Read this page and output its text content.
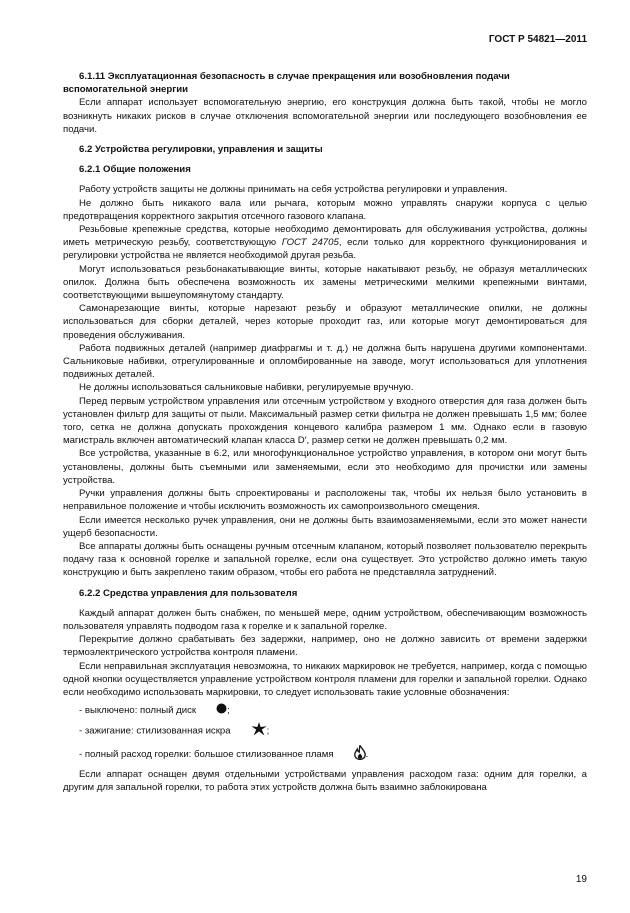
ГОСТ Р 54821—2011

6.1.11 Эксплуатационная безопасность в случае прекращения или возобновления подачи вспомогательной энергии

Если аппарат использует вспомогательную энергию, его конструкция должна быть такой, чтобы не могло возникнуть никаких рисков в случае отключения вспомогательной энергии или последующего возобновления ее подачи.

6.2 Устройства регулировки, управления и защиты

6.2.1 Общие положения

Работу устройств защиты не должны принимать на себя устройства регулировки и управления.

Не должно быть никакого вала или рычага, которым можно управлять снаружи корпуса с целью предотвращения корректного закрытия отсечного газового клапана.

Резьбовые крепежные средства, которые необходимо демонтировать для обслуживания устройства, должны иметь метрическую резьбу, соответствующую ГОСТ 24705, если только для корректного функционирования и регулировки устройства не является необходимой другая резьба.

Могут использоваться резьбонакатывающие винты, которые накатывают резьбу, не образуя металлических опилок. Должна быть обеспечена возможность их замены метрическими мелкими крепежными винтами, соответствующими вышеупомянутому стандарту.

Самонарезающие винты, которые нарезают резьбу и образуют металлические опилки, не должны использоваться для сборки деталей, через которые проходит газ, или которые могут демонтироваться для проведения обслуживания.

Работа подвижных деталей (например диафрагмы и т. д.) не должна быть нарушена другими компонентами. Сальниковые набивки, отрегулированные и опломбированные на заводе, могут использоваться для уплотнения подвижных деталей.

Не должны использоваться сальниковые набивки, регулируемые вручную.

Перед первым устройством управления или отсечным устройством у входного отверстия для газа должен быть установлен фильтр для защиты от пыли. Максимальный размер сетки фильтра не должен превышать 1,5 мм; более того, сетка не должна допускать прохождения концевого калибра размером 1 мм. Однако если в газовую магистраль включен автоматический клапан класса D′, размер сетки не должен превышать 0,2 мм.

Все устройства, указанные в 6.2, или многофункциональное устройство управления, в котором они могут быть установлены, должны быть съемными или заменяемыми, если это необходимо для прочистки или замены устройства.

Ручки управления должны быть спроектированы и расположены так, чтобы их нельзя было установить в неправильное положение и чтобы исключить возможность их самопроизвольного смещения.

Если имеется несколько ручек управления, они не должны быть взаимозаменяемыми, если это может нанести ущерб безопасности.

Все аппараты должны быть оснащены ручным отсечным клапаном, который позволяет пользователю перекрыть подачу газа к основной горелке и запальной горелке, если она существует. Это устройство должно иметь такую конструкцию и быть закреплено таким образом, чтобы его работа не представляла затруднений.

6.2.2 Средства управления для пользователя

Каждый аппарат должен быть снабжен, по меньшей мере, одним устройством, обеспечивающим возможность пользователя управлять подводом газа к горелке и к запальной горелке.

Перекрытие должно срабатывать без задержки, например, оно не должно зависить от времени задержки термоэлектрического устройства контроля пламени.

Если неправильная эксплуатация невозможна, то никаких маркировок не требуется, например, когда с помощью одной кнопки осуществляется управление устройством контроля пламени для горелки и запальной горелки. Однако если необходимо использовать маркировки, то следует использовать такие условные обозначения:

- выключено: полный диск	;

- зажигание: стилизованная искра	;

- полный расход горелки: большое стилизованное пламя	.

Если аппарат оснащен двумя отдельными устройствами управления расходом газа: одним для горелки, а другим для запальной горелки, то работа этих устройств должна быть взаимно заблокирована

19
